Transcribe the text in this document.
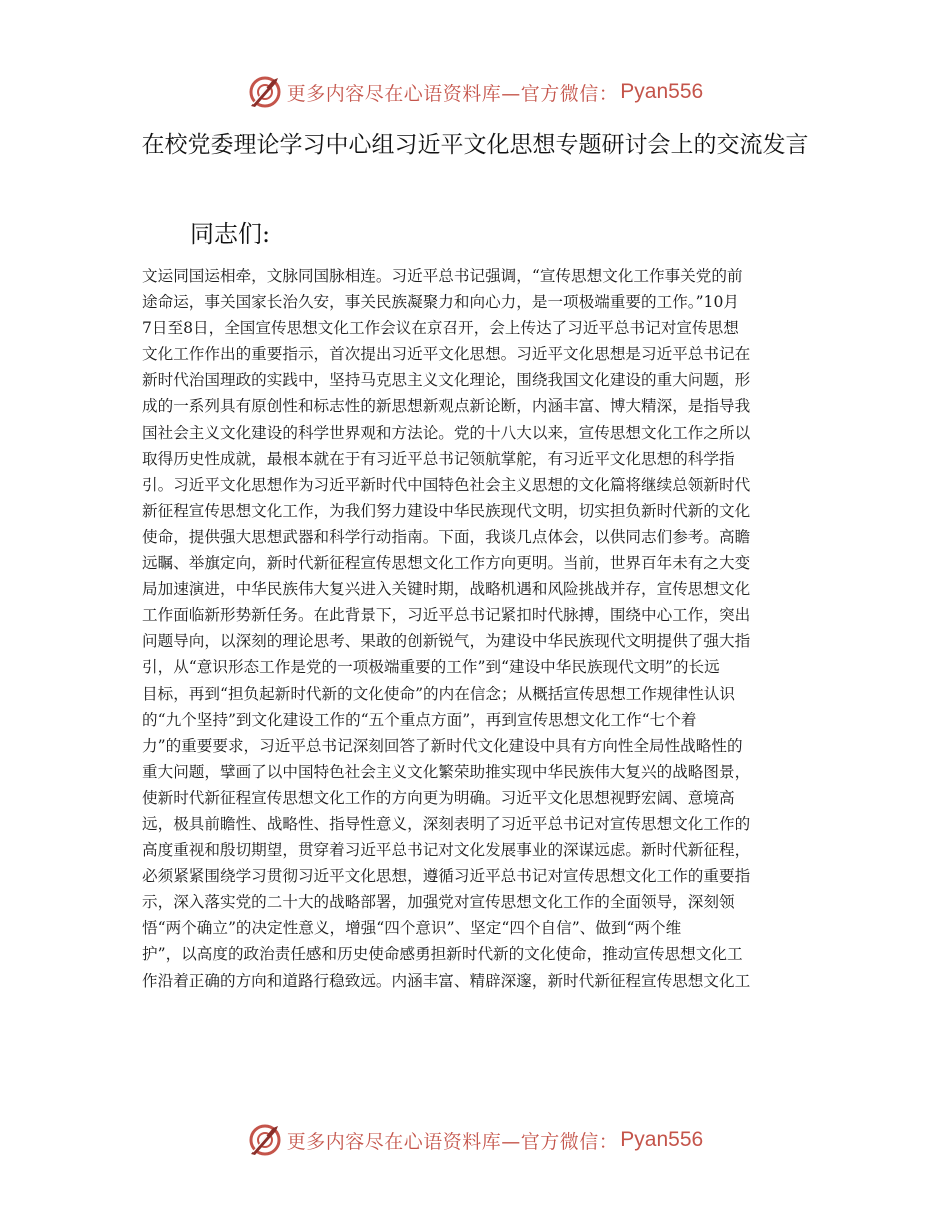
更多内容尽在心语资料库—官方微信： Pyan556
在校党委理论学习中心组习近平文化思想专题研讨会上的交流发言
同志们:

文运同国运相牵，文脉同国脉相连。习近平总书记强调，“宣传思想文化工作事关党的前
途命运，事关国家长治久安，事关民族凝聚力和向心力，是一项极端重要的工作。”10月
7日至8日，全国宣传思想文化工作会议在京召开，会上传达了习近平总书记对宣传思想
文化工作作出的重要指示，首次提出习近平文化思想。习近平文化思想是习近平总书记在
新时代治国理政的实践中，坚持马克思主义文化理论，围绕我国文化建设的重大问题，形
成的一系列具有原创性和标志性的新思想新观点新论断，内涵丰富、博大精深，是指导我
国社会主义文化建设的科学世界观和方法论。党的十八大以来，宣传思想文化工作之所以
取得历史性成就，最根本就在于有习近平总书记领航掌舵，有习近平文化思想的科学指
引。习近平文化思想作为习近平新时代中国特色社会主义思想的文化篇将继续总领新时代
新征程宣传思想文化工作，为我们努力建设中华民族现代文明，切实担负新时代新的文化
使命，提供强大思想武器和科学行动指南。下面，我谈几点体会，以供同志们参考。高瞻
远瞩、举旗定向，新时代新征程宣传思想文化工作方向更明。当前，世界百年未有之大变
局加速演进，中华民族伟大复兴进入关键时期，战略机遇和风险挑战并存，宣传思想文化
工作面临新形势新任务。在此背景下，习近平总书记紧扣时代脉搏，围绕中心工作，突出
问题导向，以深刻的理论思考、果敢的创新锐气，为建设中华民族现代文明提供了强大指
引，从“意识形态工作是党的一项极端重要的工作”到“建设中华民族现代文明”的长远
目标，再到“担负起新时代新的文化使命”的内在信念；从概括宣传思想工作规律性认识
的“九个坚持”到文化建设工作的“五个重点方面”，再到宣传思想文化工作“七个着
力”的重要要求，习近平总书记深刻回答了新时代文化建设中具有方向性全局性战略性的
重大问题，擘画了以中国特色社会主义文化繁荣助推实现中华民族伟大复兴的战略图景，
使新时代新征程宣传思想文化工作的方向更为明确。习近平文化思想视野宏阔、意境高
远，极具前瞻性、战略性、指导性意义，深刻表明了习近平总书记对宣传思想文化工作的
高度重视和殷切期望，贯穿着习近平总书记对文化发展事业的深谋远虑。新时代新征程，
必须紧紧围绕学习贯彻习近平文化思想，遵循习近平总书记对宣传思想文化工作的重要指
示，深入落实党的二十大的战略部署，加强党对宣传思想文化工作的全面领导，深刻领
悟“两个确立”的决定性意义，增强“四个意识”、坚定“四个自信”、做到“两个维
护”，以高度的政治责任感和历史使命感勇担新时代新的文化使命，推动宣传思想文化工
作沿着正确的方向和道路行稳致远。内涵丰富、精辟深邃，新时代新征程宣传思想文化工

更多内容尽在心语资料库—官方微信： Pyan556
